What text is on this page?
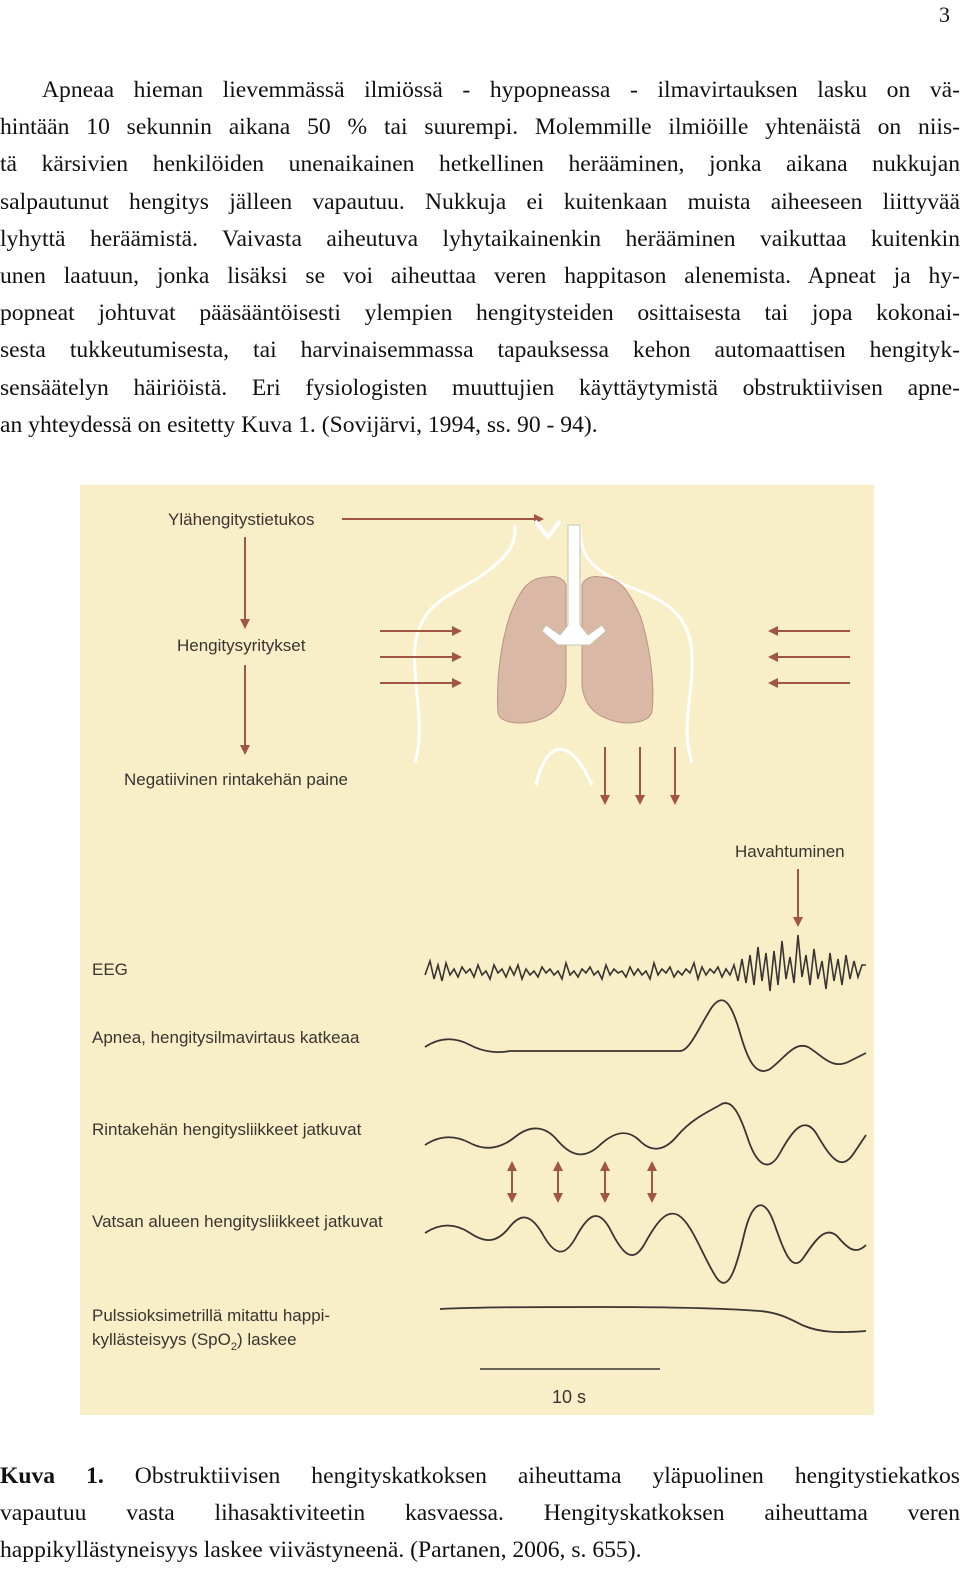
3
Apneaa hieman lievemmässä ilmiössä - hypopneassa - ilmavirtauksen lasku on vä-
hintään 10 sekunnin aikana 50 % tai suurempi. Molemmille ilmiöille yhtenäistä on niis-
tä kärsivien henkilöiden unenaikainen hetkellinen herääminen, jonka aikana nukkujan
salpautunut hengitys jälleen vapautuu. Nukkuja ei kuitenkaan muista aiheeseen liittyvää
lyhyttä heräämistä. Vaivasta aiheutuva lyhytaikainenkin herääminen vaikuttaa kuitenkin
unen laatuun, jonka lisäksi se voi aiheuttaa veren happitason alenemista. Apneat ja hy-
popneat johtuvat pääsääntöisesti ylempien hengitysteiden osittaisesta tai jopa kokonai-
sesta tukkeutumisesta, tai harvinaisemmassa tapauksessa kehon automaattisen hengityk-
sensäätelyn häiriöistä. Eri fysiologisten muuttujien käyttäytymistä obstruktiivisen apne-
an yhteydessä on esitetty Kuva 1. (Sovijärvi, 1994, ss. 90 - 94).
Ylähengitystietukos
Hengitysyritykset
Negatiivinen rintakehän paine
Havahtuminen
EEG
Apnea, hengitysilmavirtaus katkeaa
Rintakehän hengitysliikkeet jatkuvat
Vatsan alueen hengitysliikkeet jatkuvat
Pulssioksimetrillä mitattu happi-
kyllästeisyys (SpO$_2$) laskee
10 s
Kuva 1. Obstruktiivisen hengityskatkoksen aiheuttama yläpuolinen hengitystiekatkos
vapautuu vasta lihasaktiviteetin kasvaessa. Hengityskatkoksen aiheuttama veren
happikyllästyneisyys laskee viivästyneenä. (Partanen, 2006, s. 655).
